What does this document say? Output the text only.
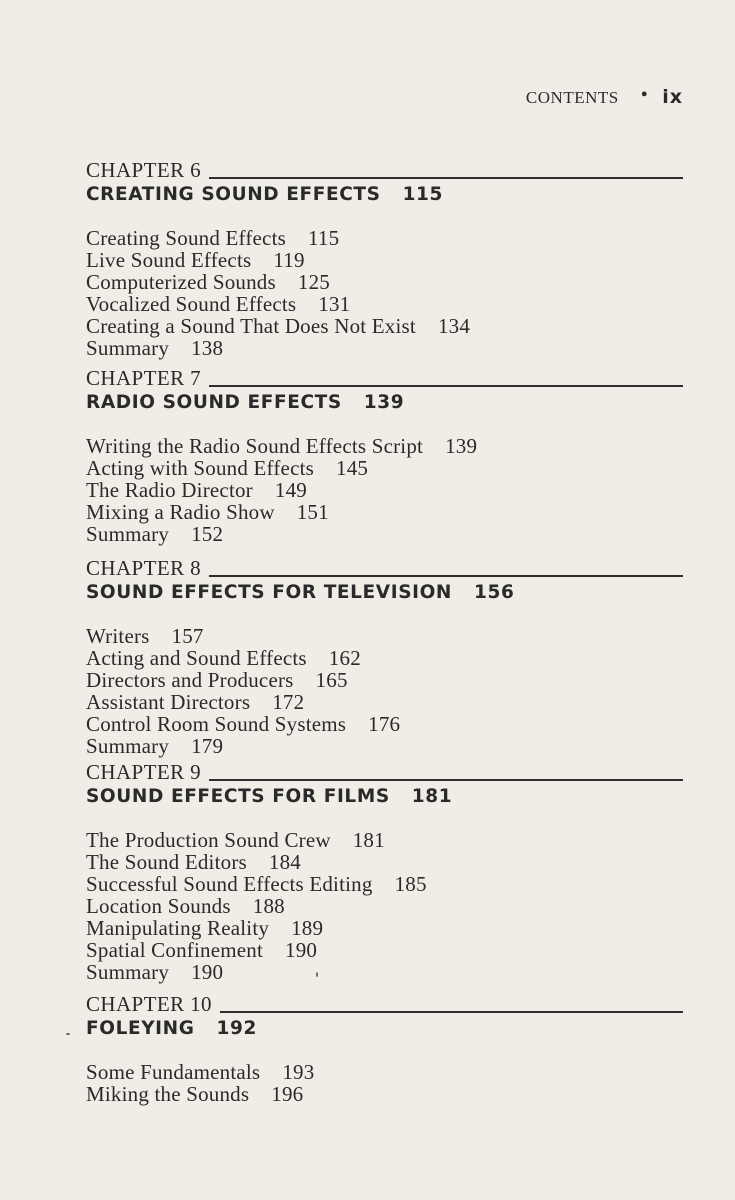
CONTENTS • ix
CHAPTER 6
CREATING SOUND EFFECTS 115
Creating Sound Effects 115
Live Sound Effects 119
Computerized Sounds 125
Vocalized Sound Effects 131
Creating a Sound That Does Not Exist 134
Summary 138
CHAPTER 7
RADIO SOUND EFFECTS 139
Writing the Radio Sound Effects Script 139
Acting with Sound Effects 145
The Radio Director 149
Mixing a Radio Show 151
Summary 152
CHAPTER 8
SOUND EFFECTS FOR TELEVISION 156
Writers 157
Acting and Sound Effects 162
Directors and Producers 165
Assistant Directors 172
Control Room Sound Systems 176
Summary 179
CHAPTER 9
SOUND EFFECTS FOR FILMS 181
The Production Sound Crew 181
The Sound Editors 184
Successful Sound Effects Editing 185
Location Sounds 188
Manipulating Reality 189
Spatial Confinement 190
Summary 190
CHAPTER 10
FOLEYING 192
Some Fundamentals 193
Miking the Sounds 196
